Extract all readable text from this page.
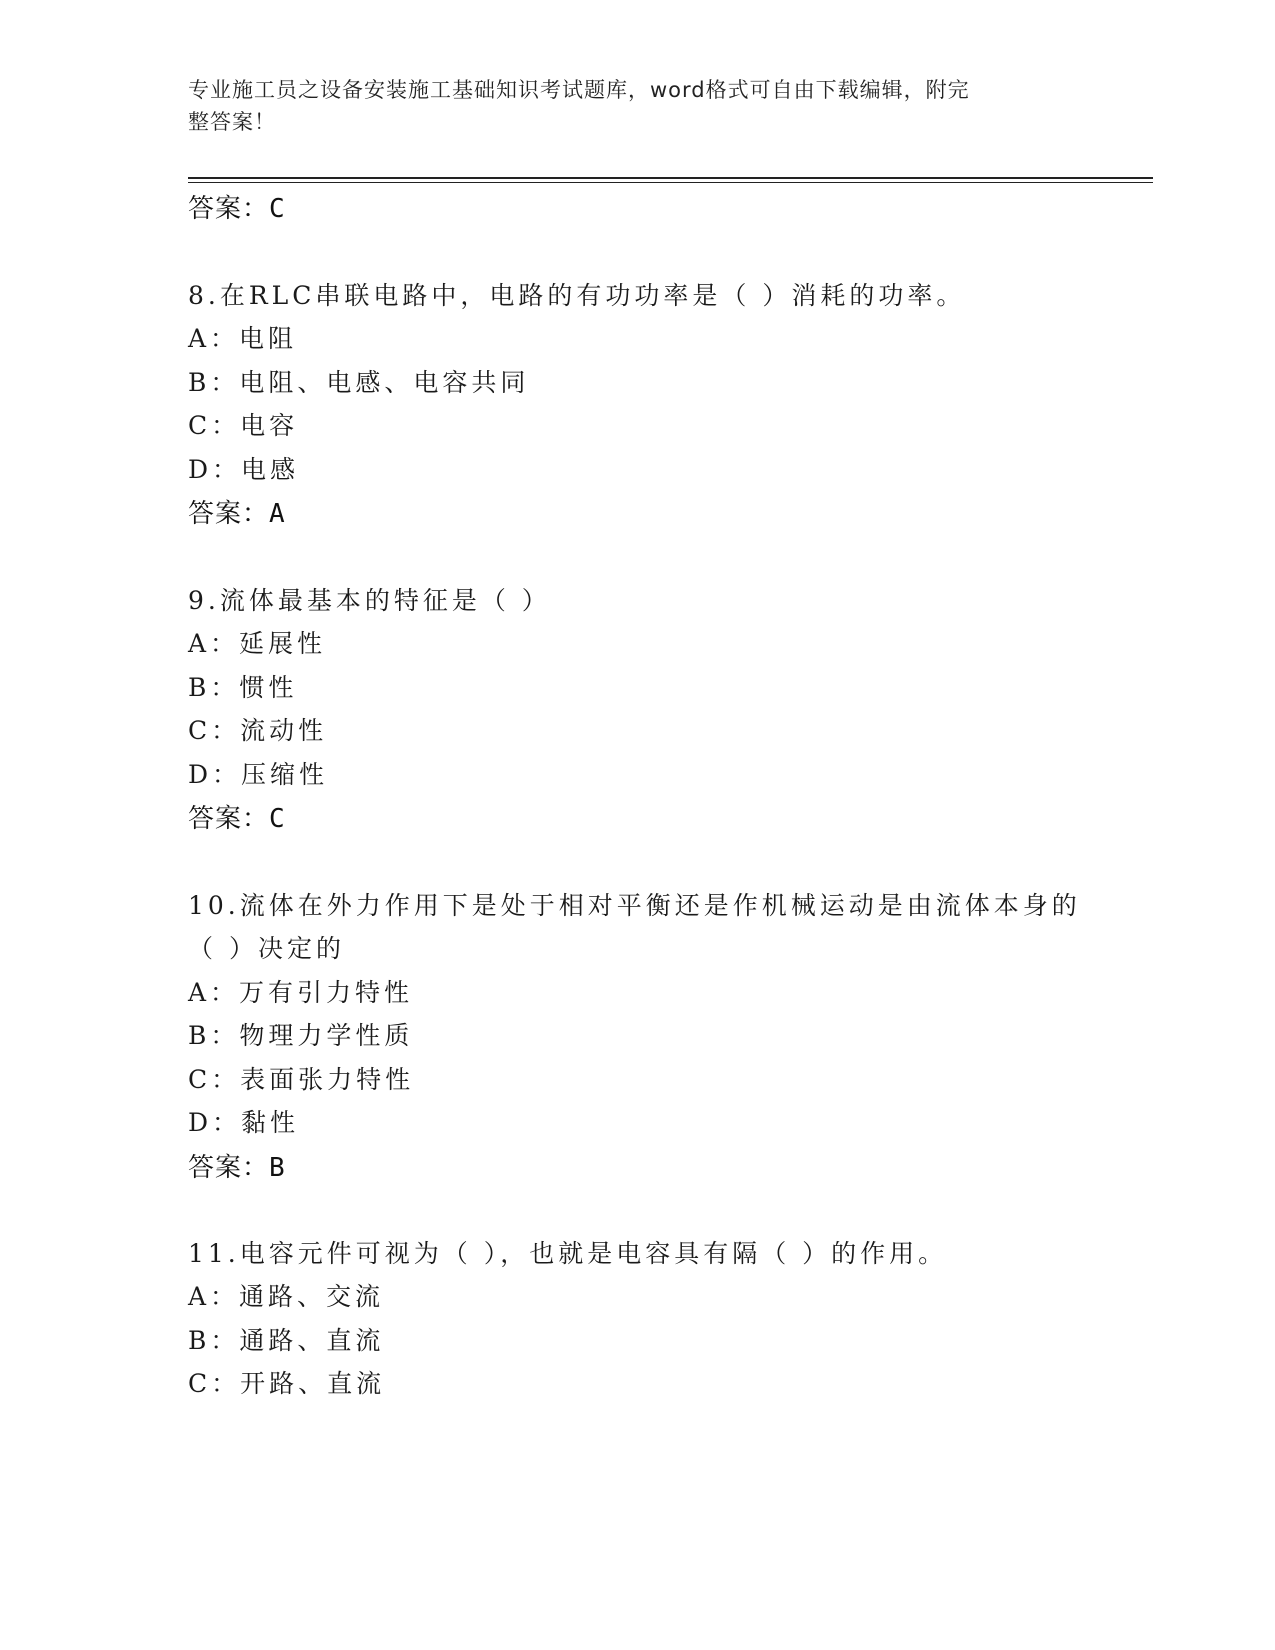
专业施工员之设备安装施工基础知识考试题库，word格式可自由下载编辑，附完
整答案！
答案：C
8.在RLC串联电路中，电路的有功功率是（ ）消耗的功率。
A：电阻
B：电阻、电感、电容共同
C：电容
D：电感
答案：A
9.流体最基本的特征是（ ）
A：延展性
B：惯性
C：流动性
D：压缩性
答案：C
10.流体在外力作用下是处于相对平衡还是作机械运动是由流体本身的
（ ）决定的
A：万有引力特性
B：物理力学性质
C：表面张力特性
D：黏性
答案：B
11.电容元件可视为（ ），也就是电容具有隔（ ）的作用。
A：通路、交流
B：通路、直流
C：开路、直流
